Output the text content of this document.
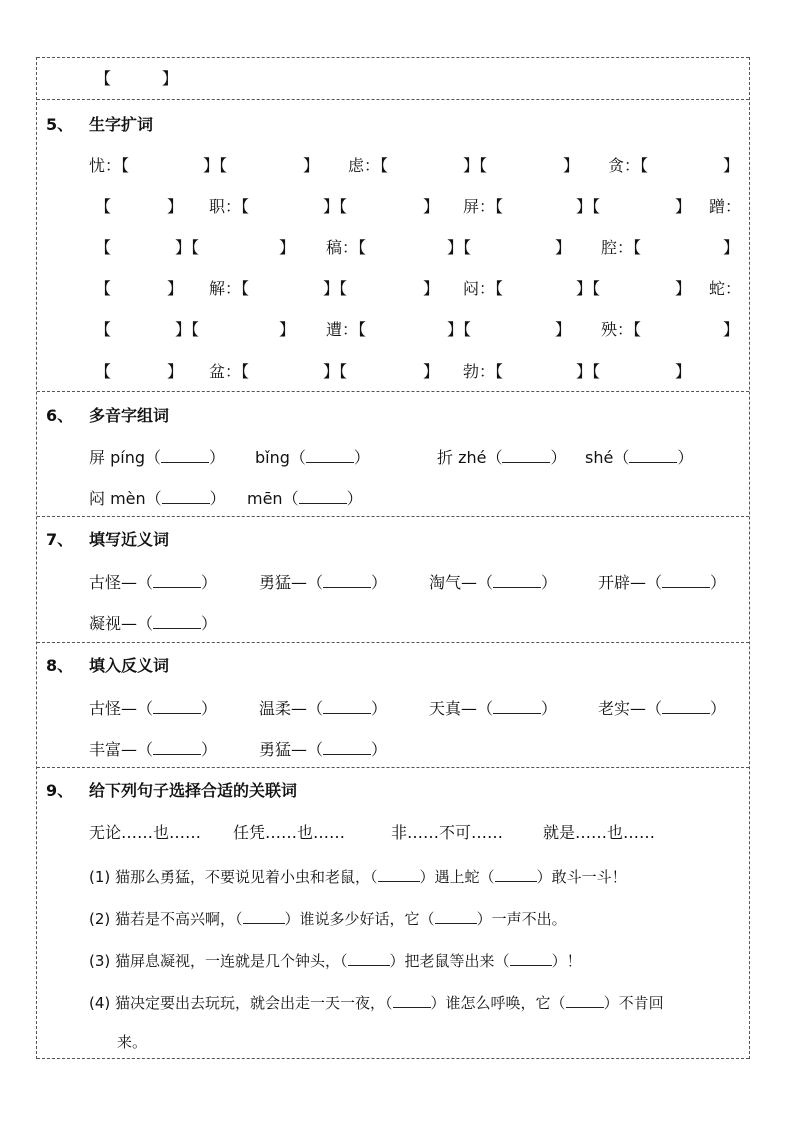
【          】
5、 生字扩词
忧：【	】【	】 虑：【	】【	】 贪：【	】
【	】 职：【	】【	】 屏：【	】【	】 蹭：
【	】【	】 稿：【	】【	】 腔：【	】
【	】 解：【	】【	】 闷：【	】【	】 蛇：
【	】【	】 遭：【	】【	】 殃：【	】
【	】 盆：【	】【	】 勃：【	】【	】
6、 多音字组词
屏 píng（	） bǐng（	）	折 zhé（	） shé（	）
闷 mèn（	） mēn（	）
7、 填写近义词
古怪—（	）	勇猛—（	）	淘气—（	）	开辟—（	）
凝视—（	）
8、 填入反义词
古怪—（	）	温柔—（	）	天真—（	）	老实—（	）
丰富—（	）	勇猛—（	）
9、 给下列句子选择合适的关联词
无论……也…… 任凭……也……	非……不可…… 就是……也……
(1) 猫那么勇猛，不要说见着小虫和老鼠，（	）遇上蛇（	）敢斗一斗！
(2) 猫若是不高兴啊，（	）谁说多少好话，它（	）一声不出。
(3) 猫屏息凝视，一连就是几个钟头，（	）把老鼠等出来（	）！
(4) 猫决定要出去玩玩，就会出走一天一夜，（	）谁怎么呼唤，它（	）不肯回
来。
